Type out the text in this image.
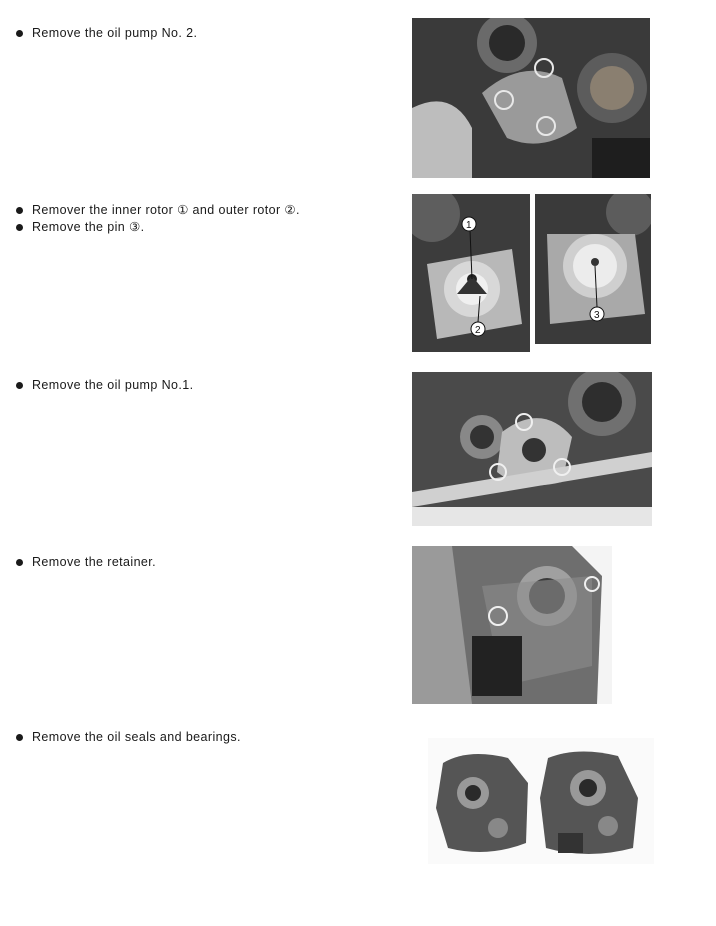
Remove the oil pump No. 2.
Remover the inner rotor ① and outer rotor ②.
Remove the pin ③.	1
2
3
Remove the oil pump No.1.
Remove the retainer.
Remove the oil seals and bearings.
